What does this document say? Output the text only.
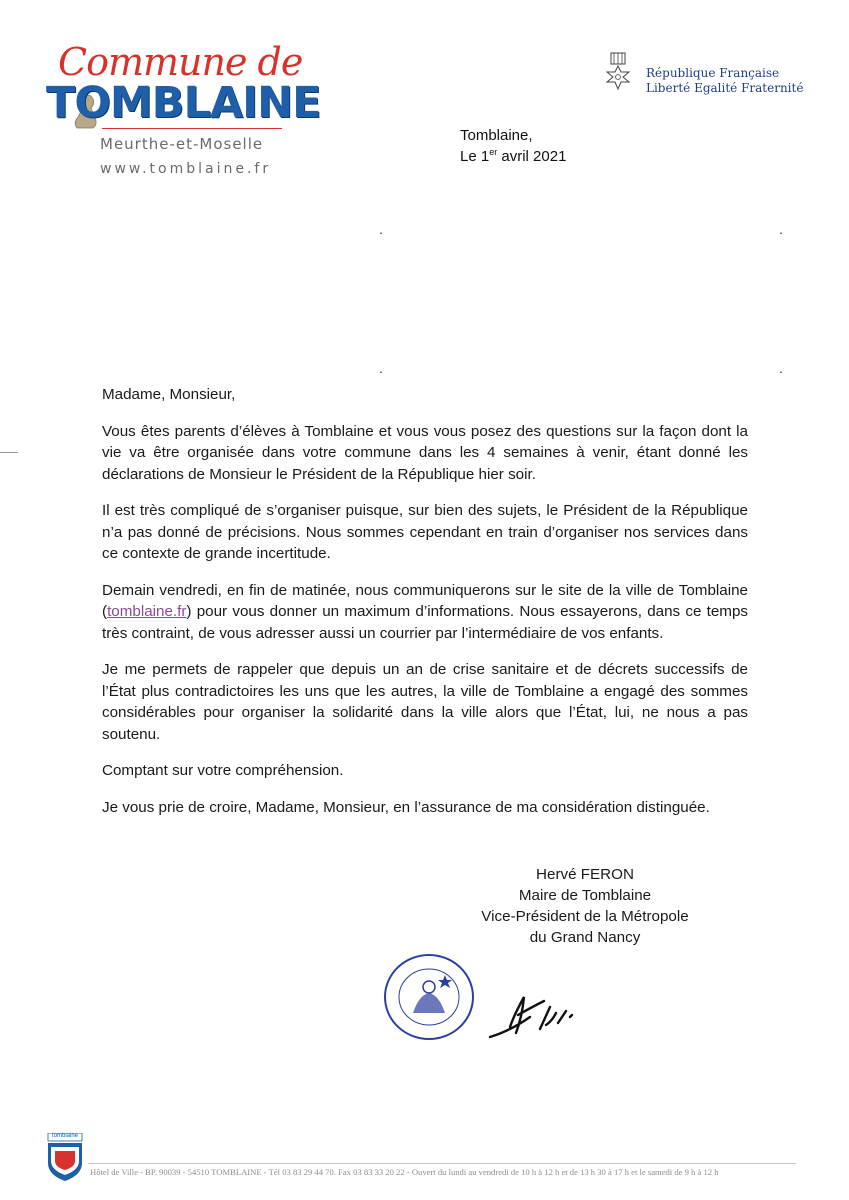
Commune de
TOMBLAINE
Meurthe-et-Moselle
www.tomblaine.fr
République Française
Liberté Egalité Fraternité
Tomblaine,
Le 1er avril 2021
.	.
.	.

Madame, Monsieur,

Vous êtes parents d’élèves à Tomblaine et vous vous posez des questions sur la façon dont la vie va être organisée dans votre commune dans les 4 semaines à venir, étant donné les déclarations de Monsieur le Président de la République hier soir.

Il est très compliqué de s’organiser puisque, sur bien des sujets, le Président de la République n’a pas donné de précisions. Nous sommes cependant en train d’organiser nos services dans ce contexte de grande incertitude.

Demain vendredi, en fin de matinée, nous communiquerons sur le site de la ville de Tomblaine (tomblaine.fr) pour vous donner un maximum d’informations. Nous essayerons, dans ce temps très contraint, de vous adresser aussi un courrier par l’intermédiaire de vos enfants.

Je me permets de rappeler que depuis un an de crise sanitaire et de décrets successifs de l’État plus contradictoires les uns que les autres, la ville de Tomblaine a engagé des sommes considérables pour organiser la solidarité dans la ville alors que l’État, lui, ne nous a pas soutenu.

Comptant sur votre compréhension.

Je vous prie de croire, Madame, Monsieur, en l’assurance de ma considération distinguée.

Hervé FERON
Maire de Tomblaine
Vice-Président de la Métropole
du Grand Nancy
tomblaine
Hôtel de Ville - BP. 90039 - 54510 TOMBLAINE - Tél 03 83 29 44 70. Fax 03 83 33 20 22 - Ouvert du lundi au vendredi de 10 h à 12 h et de 13 h 30 à 17 h et le samedi de 9 h à 12 h
